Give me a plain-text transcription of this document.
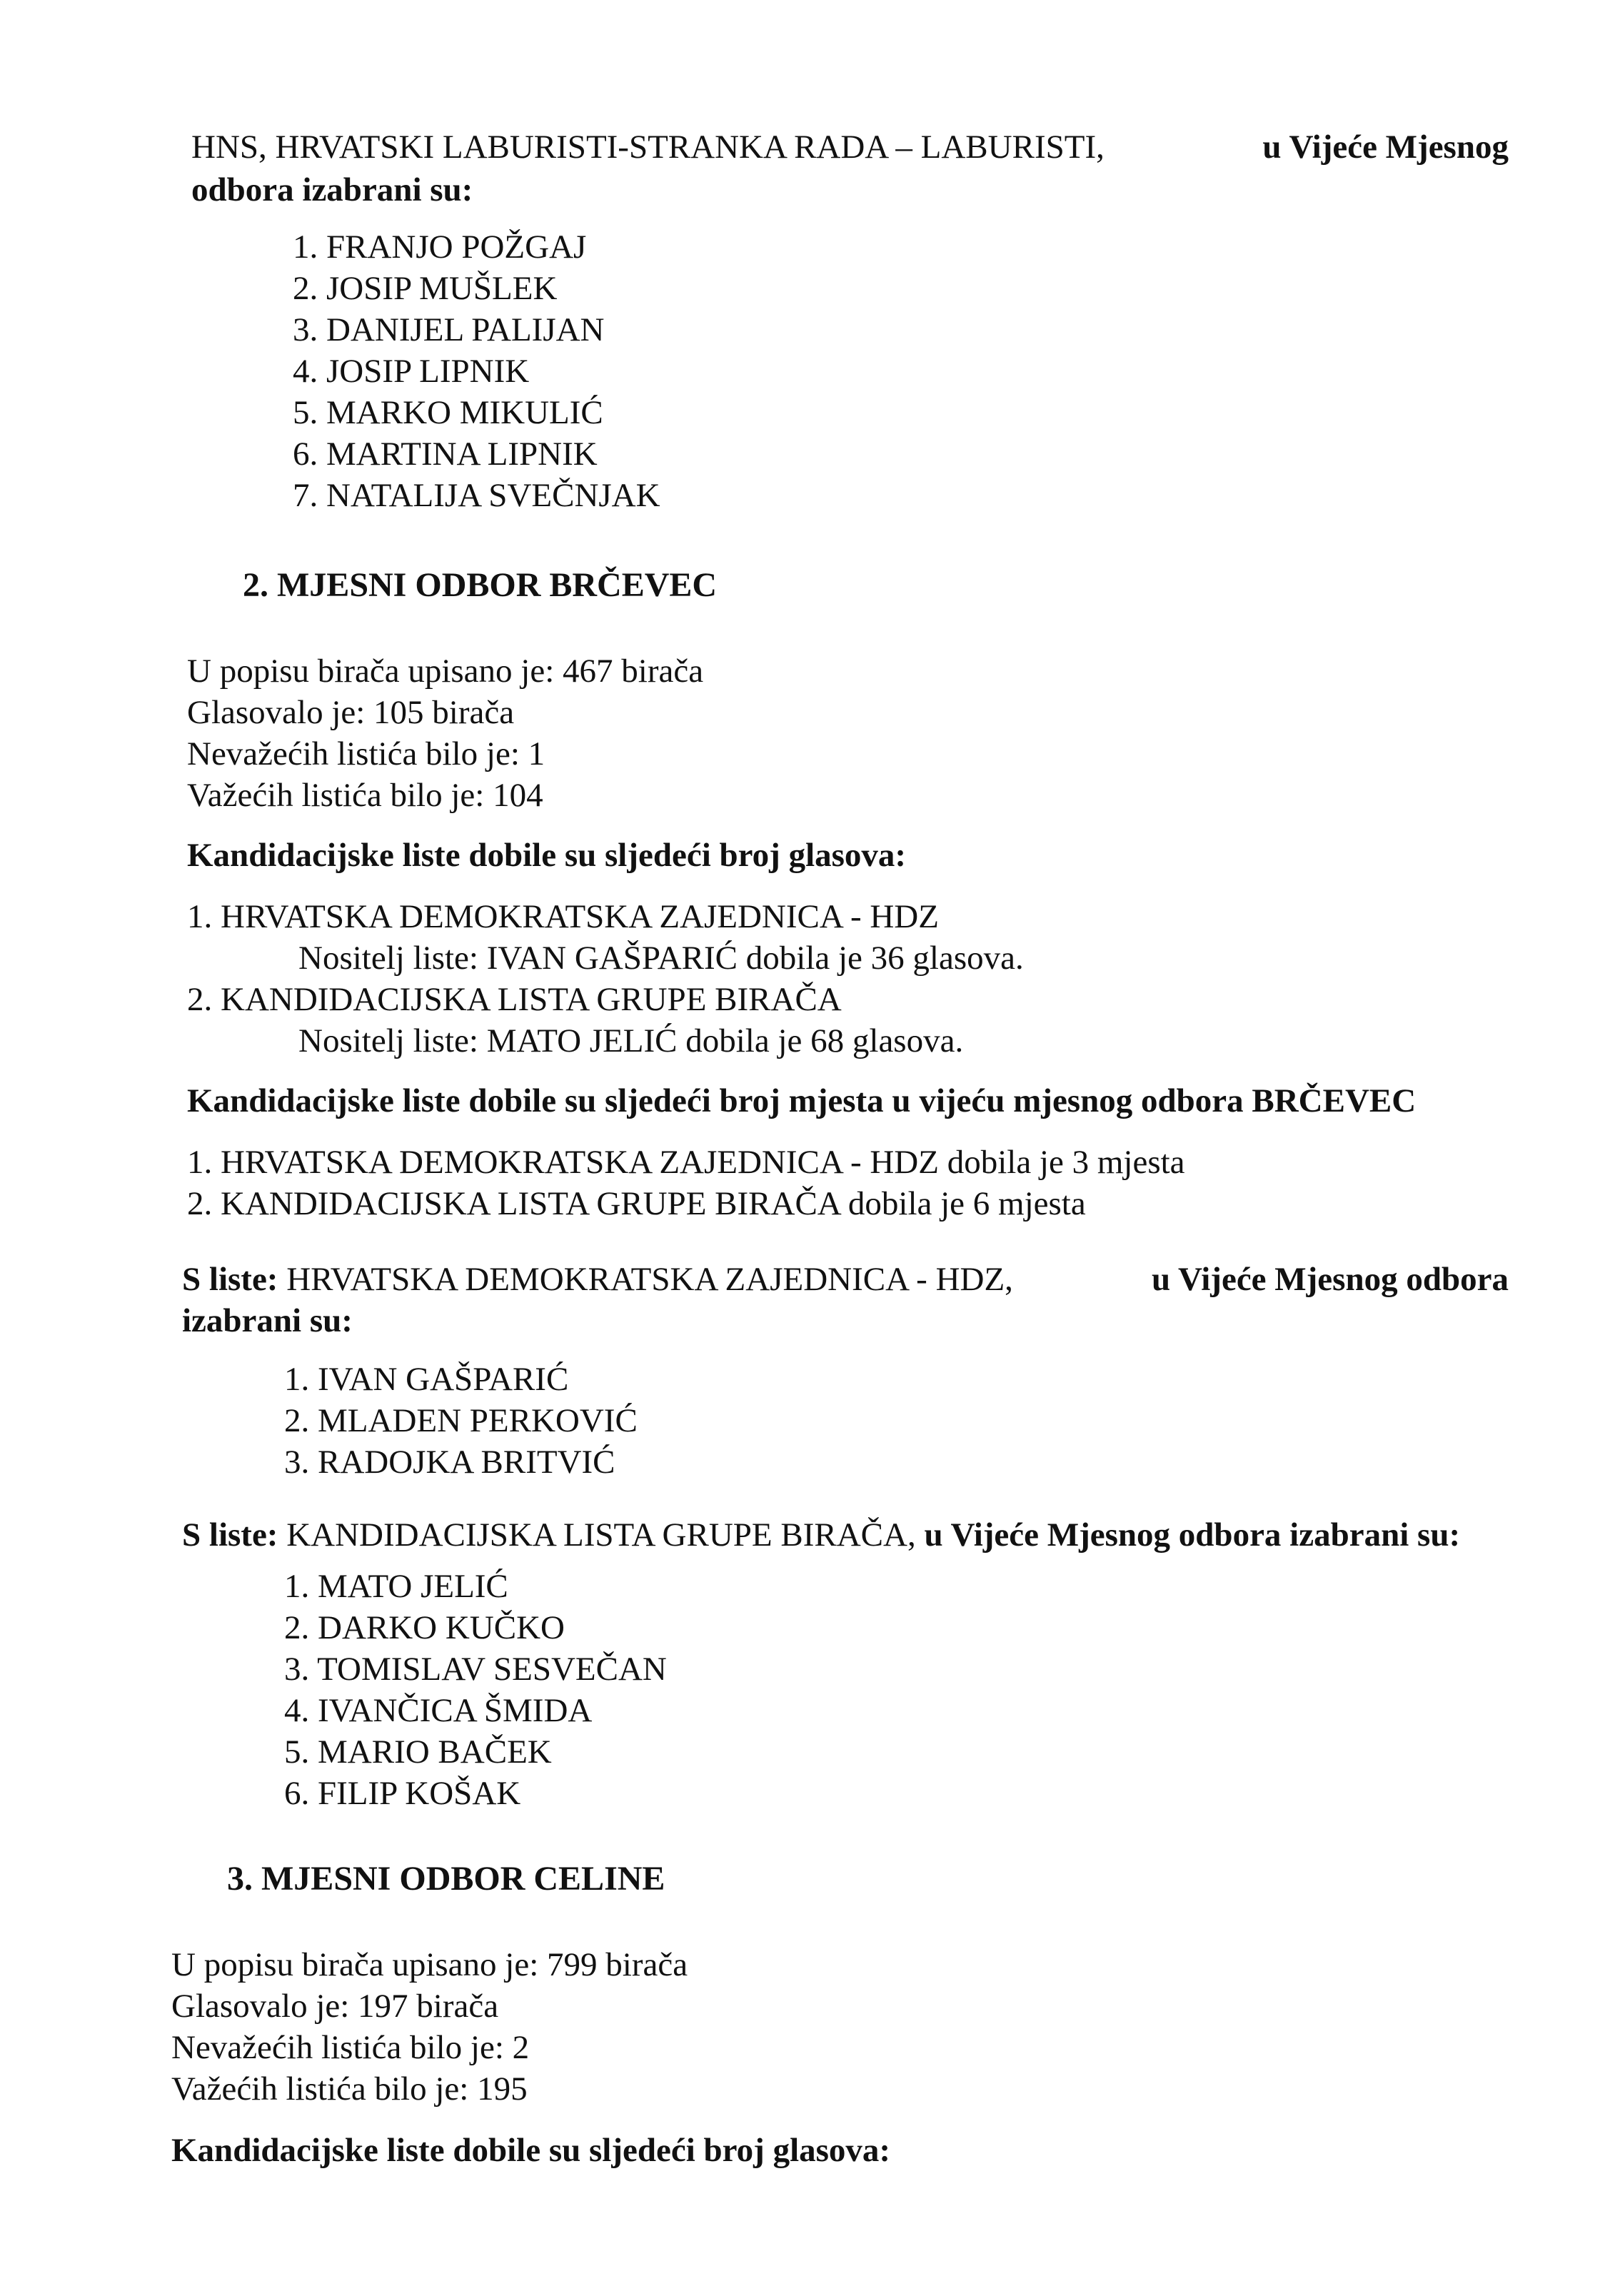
HNS, HRVATSKI LABURISTI-STRANKA RADA – LABURISTI,	u Vijeće Mjesnog
odbora izabrani su:
1. FRANJO POŽGAJ
2. JOSIP MUŠLEK
3. DANIJEL PALIJAN
4. JOSIP LIPNIK
5. MARKO MIKULIĆ
6. MARTINA LIPNIK
7. NATALIJA SVEČNJAK
2. MJESNI ODBOR BRČEVEC
U popisu birača upisano je: 467 birača
Glasovalo je: 105 birača
Nevažećih listića bilo je: 1
Važećih listića bilo je: 104
Kandidacijske liste dobile su sljedeći broj glasova:
1. HRVATSKA DEMOKRATSKA ZAJEDNICA - HDZ
Nositelj liste: IVAN GAŠPARIĆ dobila je 36 glasova.
2. KANDIDACIJSKA LISTA GRUPE BIRAČA
Nositelj liste: MATO JELIĆ dobila je 68 glasova.
Kandidacijske liste dobile su sljedeći broj mjesta u vijeću mjesnog odbora BRČEVEC
1. HRVATSKA DEMOKRATSKA ZAJEDNICA - HDZ dobila je 3 mjesta
2. KANDIDACIJSKA LISTA GRUPE BIRAČA dobila je 6 mjesta
S liste: HRVATSKA DEMOKRATSKA ZAJEDNICA - HDZ,	u Vijeće Mjesnog odbora
izabrani su:
1. IVAN GAŠPARIĆ
2. MLADEN PERKOVIĆ
3. RADOJKA BRITVIĆ
S liste: KANDIDACIJSKA LISTA GRUPE BIRAČA, u Vijeće Mjesnog odbora izabrani su:
1. MATO JELIĆ
2. DARKO KUČKO
3. TOMISLAV SESVEČAN
4. IVANČICA ŠMIDA
5. MARIO BAČEK
6. FILIP KOŠAK
3. MJESNI ODBOR CELINE
U popisu birača upisano je: 799 birača
Glasovalo je: 197 birača
Nevažećih listića bilo je: 2
Važećih listića bilo je: 195
Kandidacijske liste dobile su sljedeći broj glasova:
